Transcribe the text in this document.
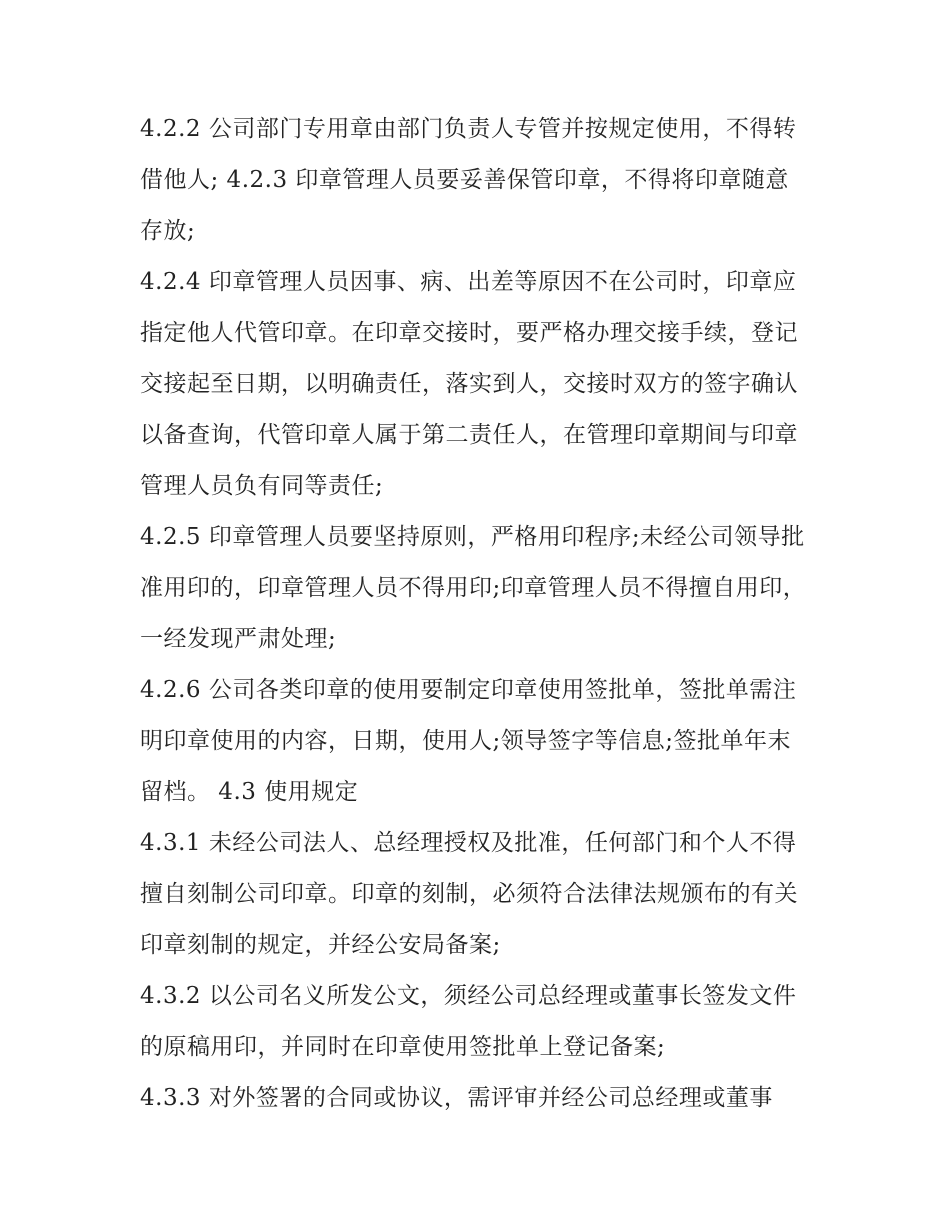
4.2.2 公司部门专用章由部门负责人专管并按规定使用，不得转借他人; 4.2.3 印章管理人员要妥善保管印章，不得将印章随意存放;

4.2.4 印章管理人员因事、病、出差等原因不在公司时，印章应指定他人代管印章。在印章交接时，要严格办理交接手续，登记交接起至日期，以明确责任，落实到人，交接时双方的签字确认以备查询，代管印章人属于第二责任人，在管理印章期间与印章管理人员负有同等责任;

4.2.5 印章管理人员要坚持原则，严格用印程序;未经公司领导批准用印的，印章管理人员不得用印;印章管理人员不得擅自用印，一经发现严肃处理;

4.2.6 公司各类印章的使用要制定印章使用签批单，签批单需注明印章使用的内容，日期，使用人;领导签字等信息;签批单年末留档。 4.3 使用规定

4.3.1 未经公司法人、总经理授权及批准，任何部门和个人不得擅自刻制公司印章。印章的刻制，必须符合法律法规颁布的有关印章刻制的规定，并经公安局备案;

4.3.2 以公司名义所发公文，须经公司总经理或董事长签发文件的原稿用印，并同时在印章使用签批单上登记备案;

4.3.3 对外签署的合同或协议，需评审并经公司总经理或董事
